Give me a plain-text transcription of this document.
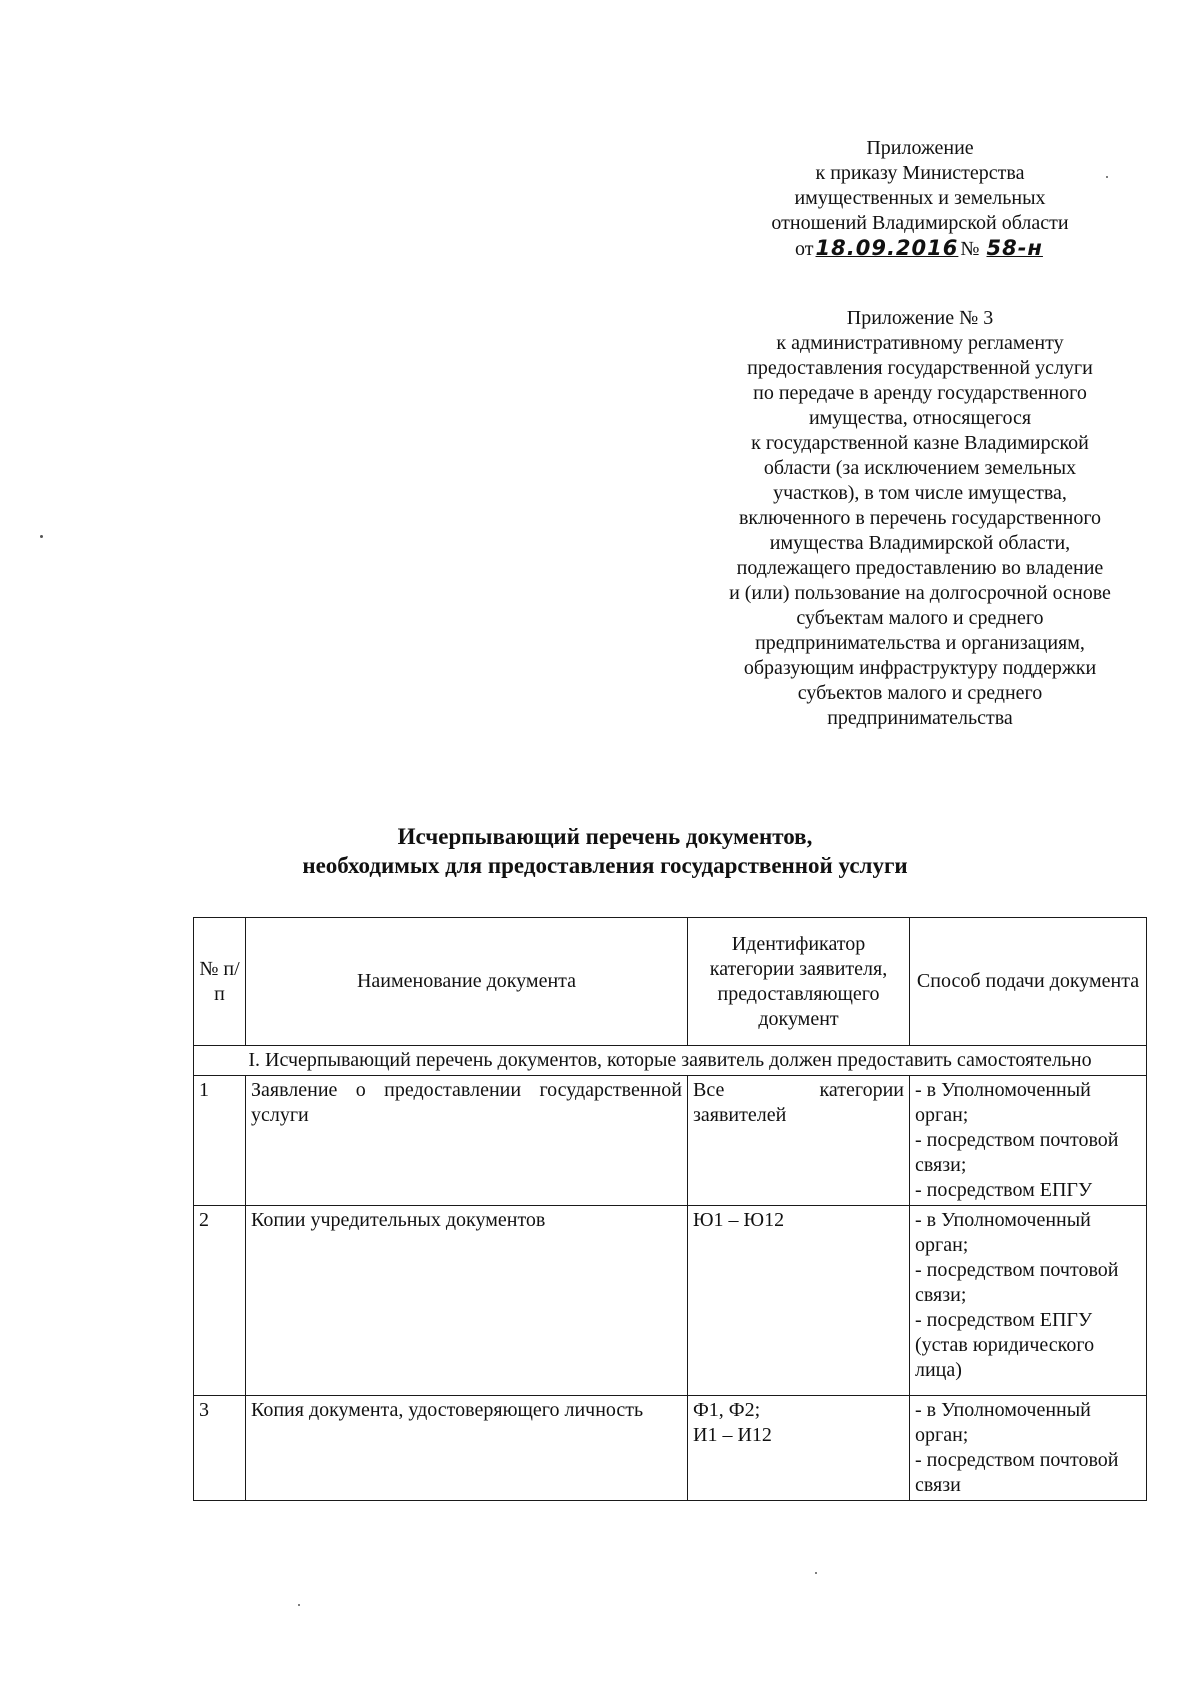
Приложение
к приказу Министерства
имущественных и земельных
отношений Владимирской области
от18.09.2016 № 58-н
Приложение № 3
к административному регламенту
предоставления государственной услуги
по передаче в аренду государственного
имущества, относящегося
к государственной казне Владимирской
области (за исключением земельных
участков), в том числе имущества,
включенного в перечень государственного
имущества Владимирской области,
подлежащего предоставлению во владение
и (или) пользование на долгосрочной основе
субъектам малого и среднего
предпринимательства и организациям,
образующим инфраструктуру поддержки
субъектов малого и среднего
предпринимательства
Исчерпывающий перечень документов,
необходимых для предоставления государственной услуги
№ п/п	Наименование документа	Идентификатор категории заявителя, предоставляющего документ	Способ подачи документа
I. Исчерпывающий перечень документов, которые заявитель должен предоставить самостоятельно			
1	Заявление о предоставлении государственной услуги	Все категории заявителей	- в Уполномоченный орган;
- посредством почтовой связи;
- посредством ЕПГУ

2	Копии учредительных документов	Ю1 – Ю12	- в Уполномоченный орган;
- посредством почтовой связи;
- посредством ЕПГУ (устав юридического лица)

3	Копия документа, удостоверяющего личность	Ф1, Ф2;
И1 – И12	- в Уполномоченный орган;
- посредством почтовой связи
